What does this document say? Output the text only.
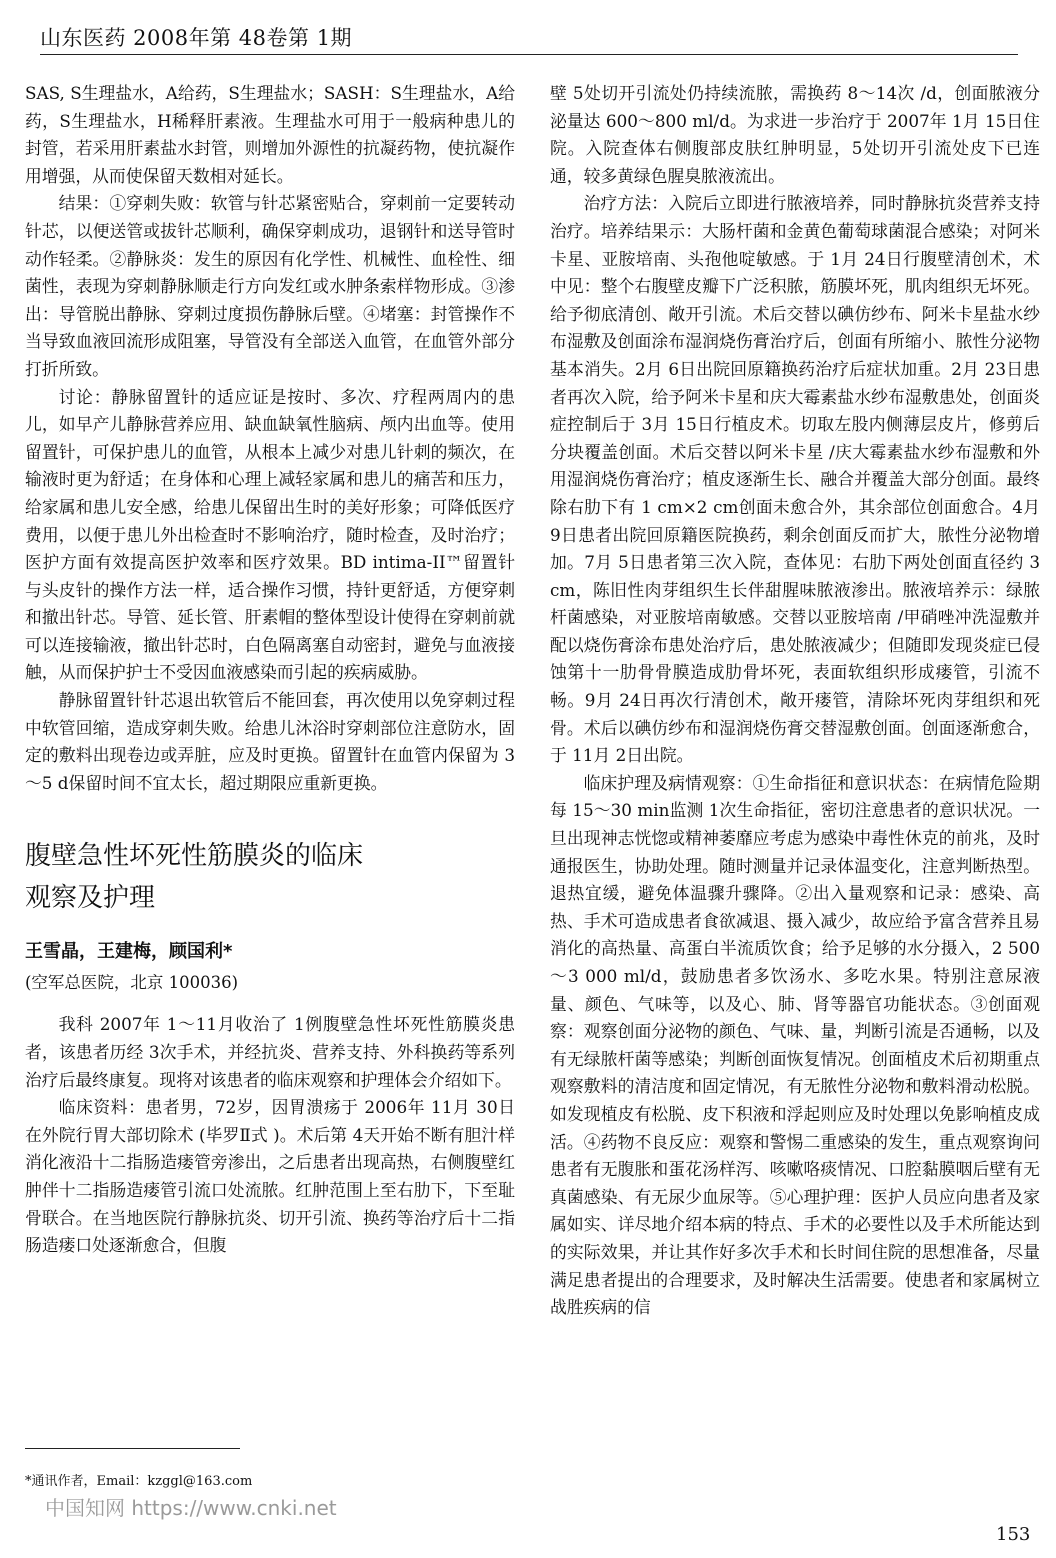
山东医药 2008年第 48卷第 1期

SAS, S生理盐水，A给药，S生理盐水；SASH：S生理盐水，A给药，S生理盐水，H稀释肝素液。生理盐水可用于一般病种患儿的封管，若采用肝素盐水封管，则增加外源性的抗凝药物，使抗凝作用增强，从而使保留天数相对延长。

结果：①穿刺失败：软管与针芯紧密贴合，穿刺前一定要转动针芯，以便送管或拔针芯顺利，确保穿刺成功，退钢针和送导管时动作轻柔。②静脉炎：发生的原因有化学性、机械性、血栓性、细菌性，表现为穿刺静脉顺走行方向发红或水肿条索样物形成。③渗出：导管脱出静脉、穿刺过度损伤静脉后壁。④堵塞：封管操作不当导致血液回流形成阻塞，导管没有全部送入血管，在血管外部分打折所致。

讨论：静脉留置针的适应证是按时、多次、疗程两周内的患儿，如早产儿静脉营养应用、缺血缺氧性脑病、颅内出血等。使用留置针，可保护患儿的血管，从根本上减少对患儿针刺的频次，在输液时更为舒适；在身体和心理上减轻家属和患儿的痛苦和压力，给家属和患儿安全感，给患儿保留出生时的美好形象；可降低医疗费用，以便于患儿外出检查时不影响治疗，随时检查，及时治疗；医护方面有效提高医护效率和医疗效果。BD intima-II™留置针与头皮针的操作方法一样，适合操作习惯，持针更舒适，方便穿刺和撤出针芯。导管、延长管、肝素帽的整体型设计使得在穿刺前就可以连接输液，撤出针芯时，白色隔离塞自动密封，避免与血液接触，从而保护护士不受因血液感染而引起的疾病威胁。

静脉留置针针芯退出软管后不能回套，再次使用以免穿刺过程中软管回缩，造成穿刺失败。给患儿沐浴时穿刺部位注意防水，固定的敷料出现卷边或弄脏，应及时更换。留置针在血管内保留为 3～5 d保留时间不宜太长，超过期限应重新更换。

腹壁急性坏死性筋膜炎的临床
观察及护理
王雪晶，王建梅，顾国利*
(空军总医院，北京 100036)

我科 2007年 1～11月收治了 1例腹壁急性坏死性筋膜炎患者，该患者历经 3次手术，并经抗炎、营养支持、外科换药等系列治疗后最终康复。现将对该患者的临床观察和护理体会介绍如下。

临床资料：患者男，72岁，因胃溃疡于 2006年 11月 30日在外院行胃大部切除术 (毕罗Ⅱ式 )。术后第 4天开始不断有胆汁样消化液沿十二指肠造瘘管旁渗出，之后患者出现高热，右侧腹壁红肿伴十二指肠造瘘管引流口处流脓。红肿范围上至右肋下，下至耻骨联合。在当地医院行静脉抗炎、切开引流、换药等治疗后十二指肠造瘘口处逐渐愈合，但腹

*通讯作者，Email：kzggl@163.com
中国知网 https://www.cnki.net

壁 5处切开引流处仍持续流脓，需换药 8～14次 /d，创面脓液分泌量达 600～800 ml/d。为求进一步治疗于 2007年 1月 15日住院。入院查体右侧腹部皮肤红肿明显，5处切开引流处皮下已连通，较多黄绿色腥臭脓液流出。

治疗方法：入院后立即进行脓液培养，同时静脉抗炎营养支持治疗。培养结果示：大肠杆菌和金黄色葡萄球菌混合感染；对阿米卡星、亚胺培南、头孢他啶敏感。于 1月 24日行腹壁清创术，术中见：整个右腹壁皮瓣下广泛积脓，筋膜坏死，肌肉组织无坏死。给予彻底清创、敞开引流。术后交替以碘仿纱布、阿米卡星盐水纱布湿敷及创面涂布湿润烧伤膏治疗后，创面有所缩小、脓性分泌物基本消失。2月 6日出院回原籍换药治疗后症状加重。2月 23日患者再次入院，给予阿米卡星和庆大霉素盐水纱布湿敷患处，创面炎症控制后于 3月 15日行植皮术。切取左股内侧薄层皮片，修剪后分块覆盖创面。术后交替以阿米卡星 /庆大霉素盐水纱布湿敷和外用湿润烧伤膏治疗；植皮逐渐生长、融合并覆盖大部分创面。最终除右肋下有 1 cm×2 cm创面未愈合外，其余部位创面愈合。4月 9日患者出院回原籍医院换药，剩余创面反而扩大，脓性分泌物增加。7月 5日患者第三次入院，查体见：右肋下两处创面直径约 3 cm，陈旧性肉芽组织生长伴甜腥味脓液渗出。脓液培养示：绿脓杆菌感染，对亚胺培南敏感。交替以亚胺培南 /甲硝唑冲洗湿敷并配以烧伤膏涂布患处治疗后，患处脓液减少；但随即发现炎症已侵蚀第十一肋骨骨膜造成肋骨坏死，表面软组织形成瘘管，引流不畅。9月 24日再次行清创术，敞开瘘管，清除坏死肉芽组织和死骨。术后以碘仿纱布和湿润烧伤膏交替湿敷创面。创面逐渐愈合，于 11月 2日出院。

临床护理及病情观察：①生命指征和意识状态：在病情危险期每 15～30 min监测 1次生命指征，密切注意患者的意识状况。一旦出现神志恍惚或精神萎靡应考虑为感染中毒性休克的前兆，及时通报医生，协助处理。随时测量并记录体温变化，注意判断热型。退热宜缓，避免体温骤升骤降。②出入量观察和记录：感染、高热、手术可造成患者食欲减退、摄入减少，故应给予富含营养且易消化的高热量、高蛋白半流质饮食；给予足够的水分摄入，2 500～3 000 ml/d，鼓励患者多饮汤水、多吃水果。特别注意尿液量、颜色、气味等，以及心、肺、肾等器官功能状态。③创面观察：观察创面分泌物的颜色、气味、量，判断引流是否通畅，以及有无绿脓杆菌等感染；判断创面恢复情况。创面植皮术后初期重点观察敷料的清洁度和固定情况，有无脓性分泌物和敷料滑动松脱。如发现植皮有松脱、皮下积液和浮起则应及时处理以免影响植皮成活。④药物不良反应：观察和警惕二重感染的发生，重点观察询问患者有无腹胀和蛋花汤样泻、咳嗽咯痰情况、口腔黏膜咽后壁有无真菌感染、有无尿少血尿等。⑤心理护理：医护人员应向患者及家属如实、详尽地介绍本病的特点、手术的必要性以及手术所能达到的实际效果，并让其作好多次手术和长时间住院的思想准备，尽量满足患者提出的合理要求，及时解决生活需要。使患者和家属树立战胜疾病的信

153
